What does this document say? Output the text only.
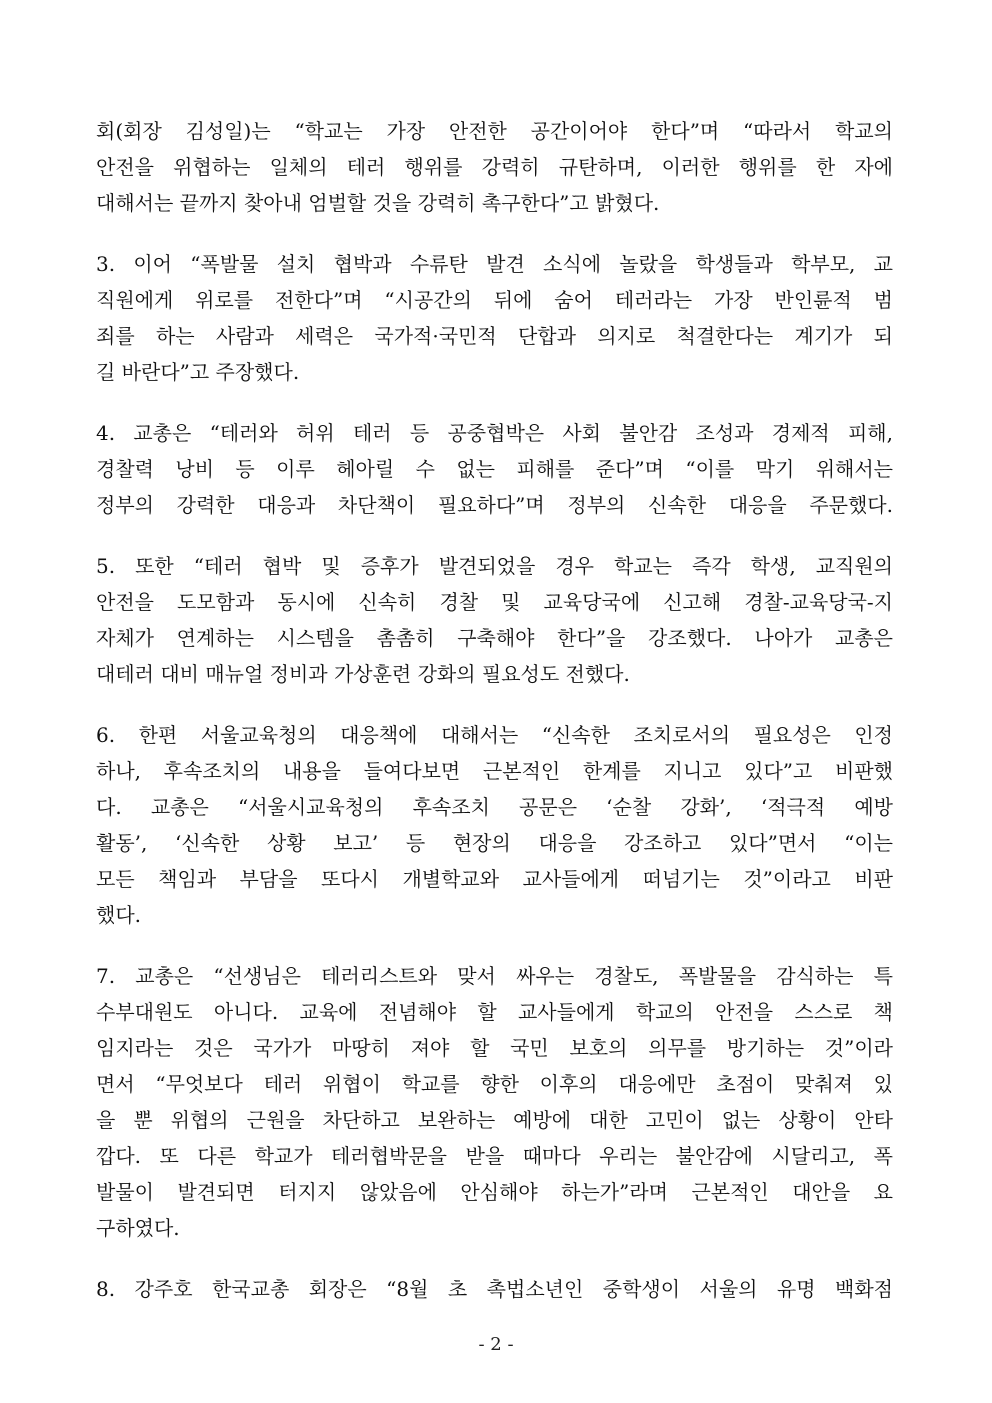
회(회장 김성일)는 “학교는 가장 안전한 공간이어야 한다”며 “따라서 학교의
안전을 위협하는 일체의 테러 행위를 강력히 규탄하며, 이러한 행위를 한 자에
대해서는 끝까지 찾아내 엄벌할 것을 강력히 촉구한다”고 밝혔다.

3. 이어 “폭발물 설치 협박과 수류탄 발견 소식에 놀랐을 학생들과 학부모, 교
직원에게 위로를 전한다”며 “시공간의 뒤에 숨어 테러라는 가장 반인륜적 범
죄를 하는 사람과 세력은 국가적·국민적 단합과 의지로 척결한다는 계기가 되
길 바란다”고 주장했다.

4. 교총은 “테러와 허위 테러 등 공중협박은 사회 불안감 조성과 경제적 피해,
경찰력 낭비 등 이루 헤아릴 수 없는 피해를 준다”며 “이를 막기 위해서는
정부의 강력한 대응과 차단책이 필요하다”며 정부의 신속한 대응을 주문했다.

5. 또한 “테러 협박 및 증후가 발견되었을 경우 학교는 즉각 학생, 교직원의
안전을 도모함과 동시에 신속히 경찰 및 교육당국에 신고해 경찰-교육당국-지
자체가 연계하는 시스템을 촘촘히 구축해야 한다”을 강조했다. 나아가 교총은
대테러 대비 매뉴얼 정비과 가상훈련 강화의 필요성도 전했다.

6. 한편 서울교육청의 대응책에 대해서는 “신속한 조치로서의 필요성은 인정
하나, 후속조치의 내용을 들여다보면 근본적인 한계를 지니고 있다”고 비판했
다. 교총은 “서울시교육청의 후속조치 공문은 ‘순찰 강화’, ‘적극적 예방
활동’, ‘신속한 상황 보고’ 등 현장의 대응을 강조하고 있다”면서 “이는
모든 책임과 부담을 또다시 개별학교와 교사들에게 떠넘기는 것”이라고 비판
했다.

7. 교총은 “선생님은 테러리스트와 맞서 싸우는 경찰도, 폭발물을 감식하는 특
수부대원도 아니다. 교육에 전념해야 할 교사들에게 학교의 안전을 스스로 책
임지라는 것은 국가가 마땅히 져야 할 국민 보호의 의무를 방기하는 것”이라
면서 “무엇보다 테러 위협이 학교를 향한 이후의 대응에만 초점이 맞춰져 있
을 뿐 위협의 근원을 차단하고 보완하는 예방에 대한 고민이 없는 상황이 안타
깝다. 또 다른 학교가 테러협박문을 받을 때마다 우리는 불안감에 시달리고, 폭
발물이 발견되면 터지지 않았음에 안심해야 하는가”라며 근본적인 대안을 요
구하였다.

8. 강주호 한국교총 회장은 “8월 초 촉법소년인 중학생이 서울의 유명 백화점

- 2 -
